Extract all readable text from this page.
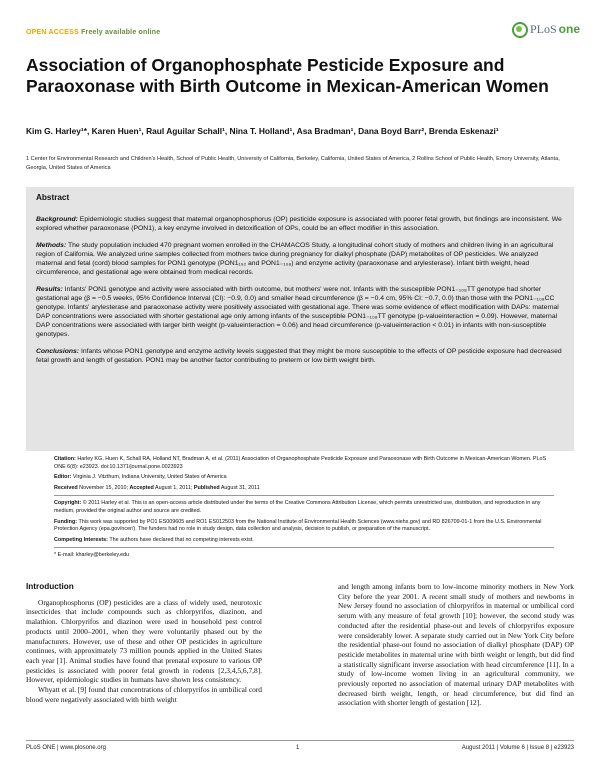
OPEN ACCESS Freely available online	PLoS one
Association of Organophosphate Pesticide Exposure and Paraoxonase with Birth Outcome in Mexican-American Women
Kim G. Harley¹*, Karen Huen¹, Raul Aguilar Schall¹, Nina T. Holland¹, Asa Bradman¹, Dana Boyd Barr², Brenda Eskenazi¹
1 Center for Environmental Research and Children's Health, School of Public Health, University of California, Berkeley, California, United States of America, 2 Rollins School of Public Health, Emory University, Atlanta, Georgia, United States of America
Abstract

Background: Epidemiologic studies suggest that maternal organophosphorus (OP) pesticide exposure is associated with poorer fetal growth, but findings are inconsistent. We explored whether paraoxonase (PON1), a key enzyme involved in detoxification of OPs, could be an effect modifier in this association.

Methods: The study population included 470 pregnant women enrolled in the CHAMACOS Study, a longitudinal cohort study of mothers and children living in an agricultural region of California. We analyzed urine samples collected from mothers twice during pregnancy for dialkyl phosphate (DAP) metabolites of OP pesticides. We analyzed maternal and fetal (cord) blood samples for PON1 genotype (PON1₁₉₂ and PON1₋₁₀₈) and enzyme activity (paraoxonase and arylesterase). Infant birth weight, head circumference, and gestational age were obtained from medical records.

Results: Infants' PON1 genotype and activity were associated with birth outcome, but mothers' were not. Infants with the susceptible PON1₋₁₀₈TT genotype had shorter gestational age (β = −0.5 weeks, 95% Confidence Interval (CI): −0.9, 0.0) and smaller head circumference (β = −0.4 cm, 95% CI: −0.7, 0.0) than those with the PON1₋₁₀₈CC genotype. Infants' arylesterase and paraoxonase activity were positively associated with gestational age. There was some evidence of effect modification with DAPs: maternal DAP concentrations were associated with shorter gestational age only among infants of the susceptible PON1₋₁₀₈TT genotype (p-valueinteraction = 0.09). However, maternal DAP concentrations were associated with larger birth weight (p-valueinteraction = 0.06) and head circumference (p-valueinteraction < 0.01) in infants with non-susceptible genotypes.

Conclusions: Infants whose PON1 genotype and enzyme activity levels suggested that they might be more susceptible to the effects of OP pesticide exposure had decreased fetal growth and length of gestation. PON1 may be another factor contributing to preterm or low birth weight birth.

Citation: Harley KG, Huen K, Schall RA, Holland NT, Bradman A, et al. (2011) Association of Organophosphate Pesticide Exposure and Paraoxonase with Birth Outcome in Mexican-American Women. PLoS ONE 6(8): e23923. doi:10.1371/journal.pone.0023923

Editor: Virginia J. Vitzthum, Indiana University, United States of America

Received November 15, 2010; Accepted August 1, 2011; Published August 31, 2011

Copyright: © 2011 Harley et al. This is an open-access article distributed under the terms of the Creative Commons Attribution License, which permits unrestricted use, distribution, and reproduction in any medium, provided the original author and source are credited.

Funding: This work was supported by PO1 ES009605 and RO1 ES012503 from the National Institute of Environmental Health Sciences (www.niehs.gov) and RD 826709-01-1 from the U.S. Environmental Protection Agency (epa.gov/ncer/). The funders had no role in study design, data collection and analysis, decision to publish, or preparation of the manuscript.

Competing Interests: The authors have declared that no competing interests exist.

* E-mail: kharley@berkeley.edu

Introduction

Organophosphorus (OP) pesticides are a class of widely used, neurotoxic insecticides that include compounds such as chlorpyrifos, diazinon, and malathion. Chlorpyrifos and diazinon were used in household pest control products until 2000–2001, when they were voluntarily phased out by the manufacturers. However, use of these and other OP pesticides in agriculture continues, with approximately 73 million pounds applied in the United States each year [1]. Animal studies have found that prenatal exposure to various OP pesticides is associated with poorer fetal growth in rodents [2,3,4,5,6,7,8]. However, epidemiologic studies in humans have shown less consistency.

Whyatt et al. [9] found that concentrations of chlorpyrifos in umbilical cord blood were negatively associated with birth weight

and length among infants born to low-income minority mothers in New York City before the year 2001. A recent small study of mothers and newborns in New Jersey found no association of chlorpyrifos in maternal or umbilical cord serum with any measure of fetal growth [10]; however, the second study was conducted after the residential phase-out and levels of chlorpyrifos exposure were considerably lower. A separate study carried out in New York City before the residential phase-out found no association of dialkyl phosphate (DAP) OP pesticide metabolites in maternal urine with birth weight or length, but did find a statistically significant inverse association with head circumference [11]. In a study of low-income women living in an agricultural community, we previously reported no association of maternal urinary DAP metabolites with decreased birth weight, length, or head circumference, but did find an association with shorter length of gestation [12].

PLoS ONE | www.plosone.org	1	August 2011 | Volume 6 | Issue 8 | e23923
